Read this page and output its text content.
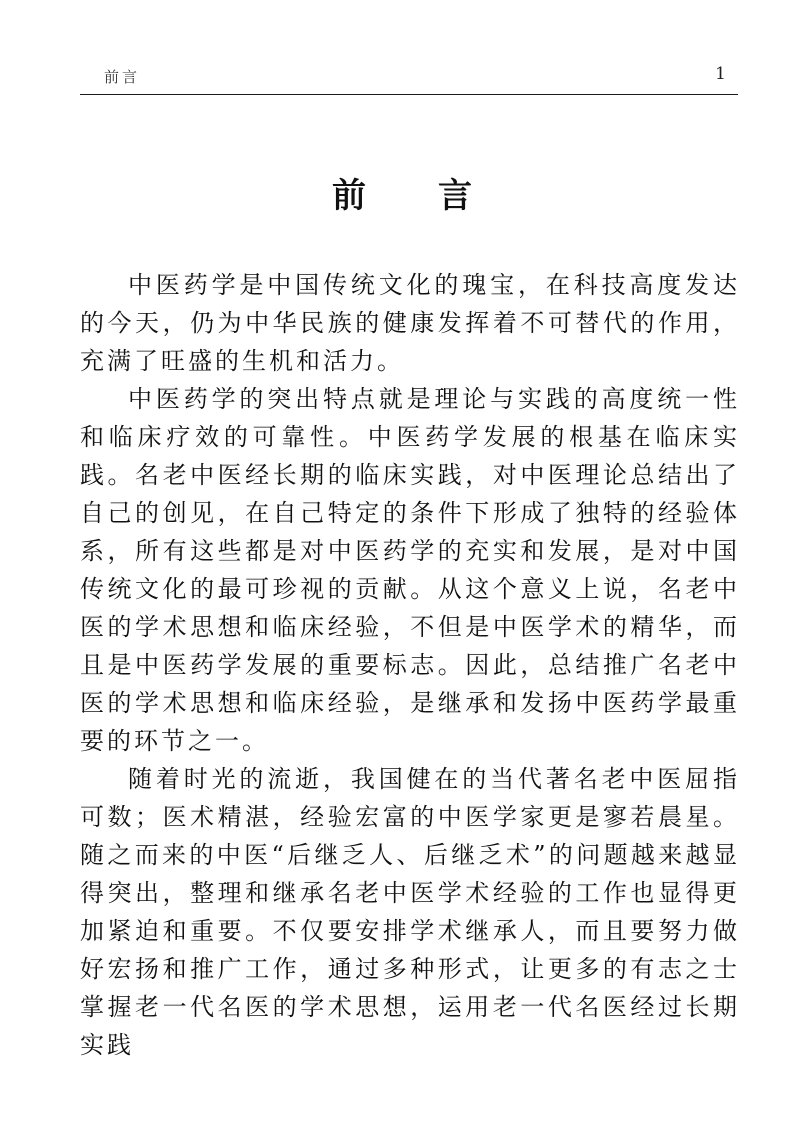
前言	1
前言

中医药学是中国传统文化的瑰宝，在科技高度发达的今天，仍为中华民族的健康发挥着不可替代的作用，充满了旺盛的生机和活力。

中医药学的突出特点就是理论与实践的高度统一性和临床疗效的可靠性。中医药学发展的根基在临床实践。名老中医经长期的临床实践，对中医理论总结出了自己的创见，在自己特定的条件下形成了独特的经验体系，所有这些都是对中医药学的充实和发展，是对中国传统文化的最可珍视的贡献。从这个意义上说，名老中医的学术思想和临床经验，不但是中医学术的精华，而且是中医药学发展的重要标志。因此，总结推广名老中医的学术思想和临床经验，是继承和发扬中医药学最重要的环节之一。

随着时光的流逝，我国健在的当代著名老中医屈指可数；医术精湛，经验宏富的中医学家更是寥若晨星。随之而来的中医“后继乏人、后继乏术”的问题越来越显得突出，整理和继承名老中医学术经验的工作也显得更加紧迫和重要。不仅要安排学术继承人，而且要努力做好宏扬和推广工作，通过多种形式，让更多的有志之士掌握老一代名医的学术思想，运用老一代名医经过长期实践
